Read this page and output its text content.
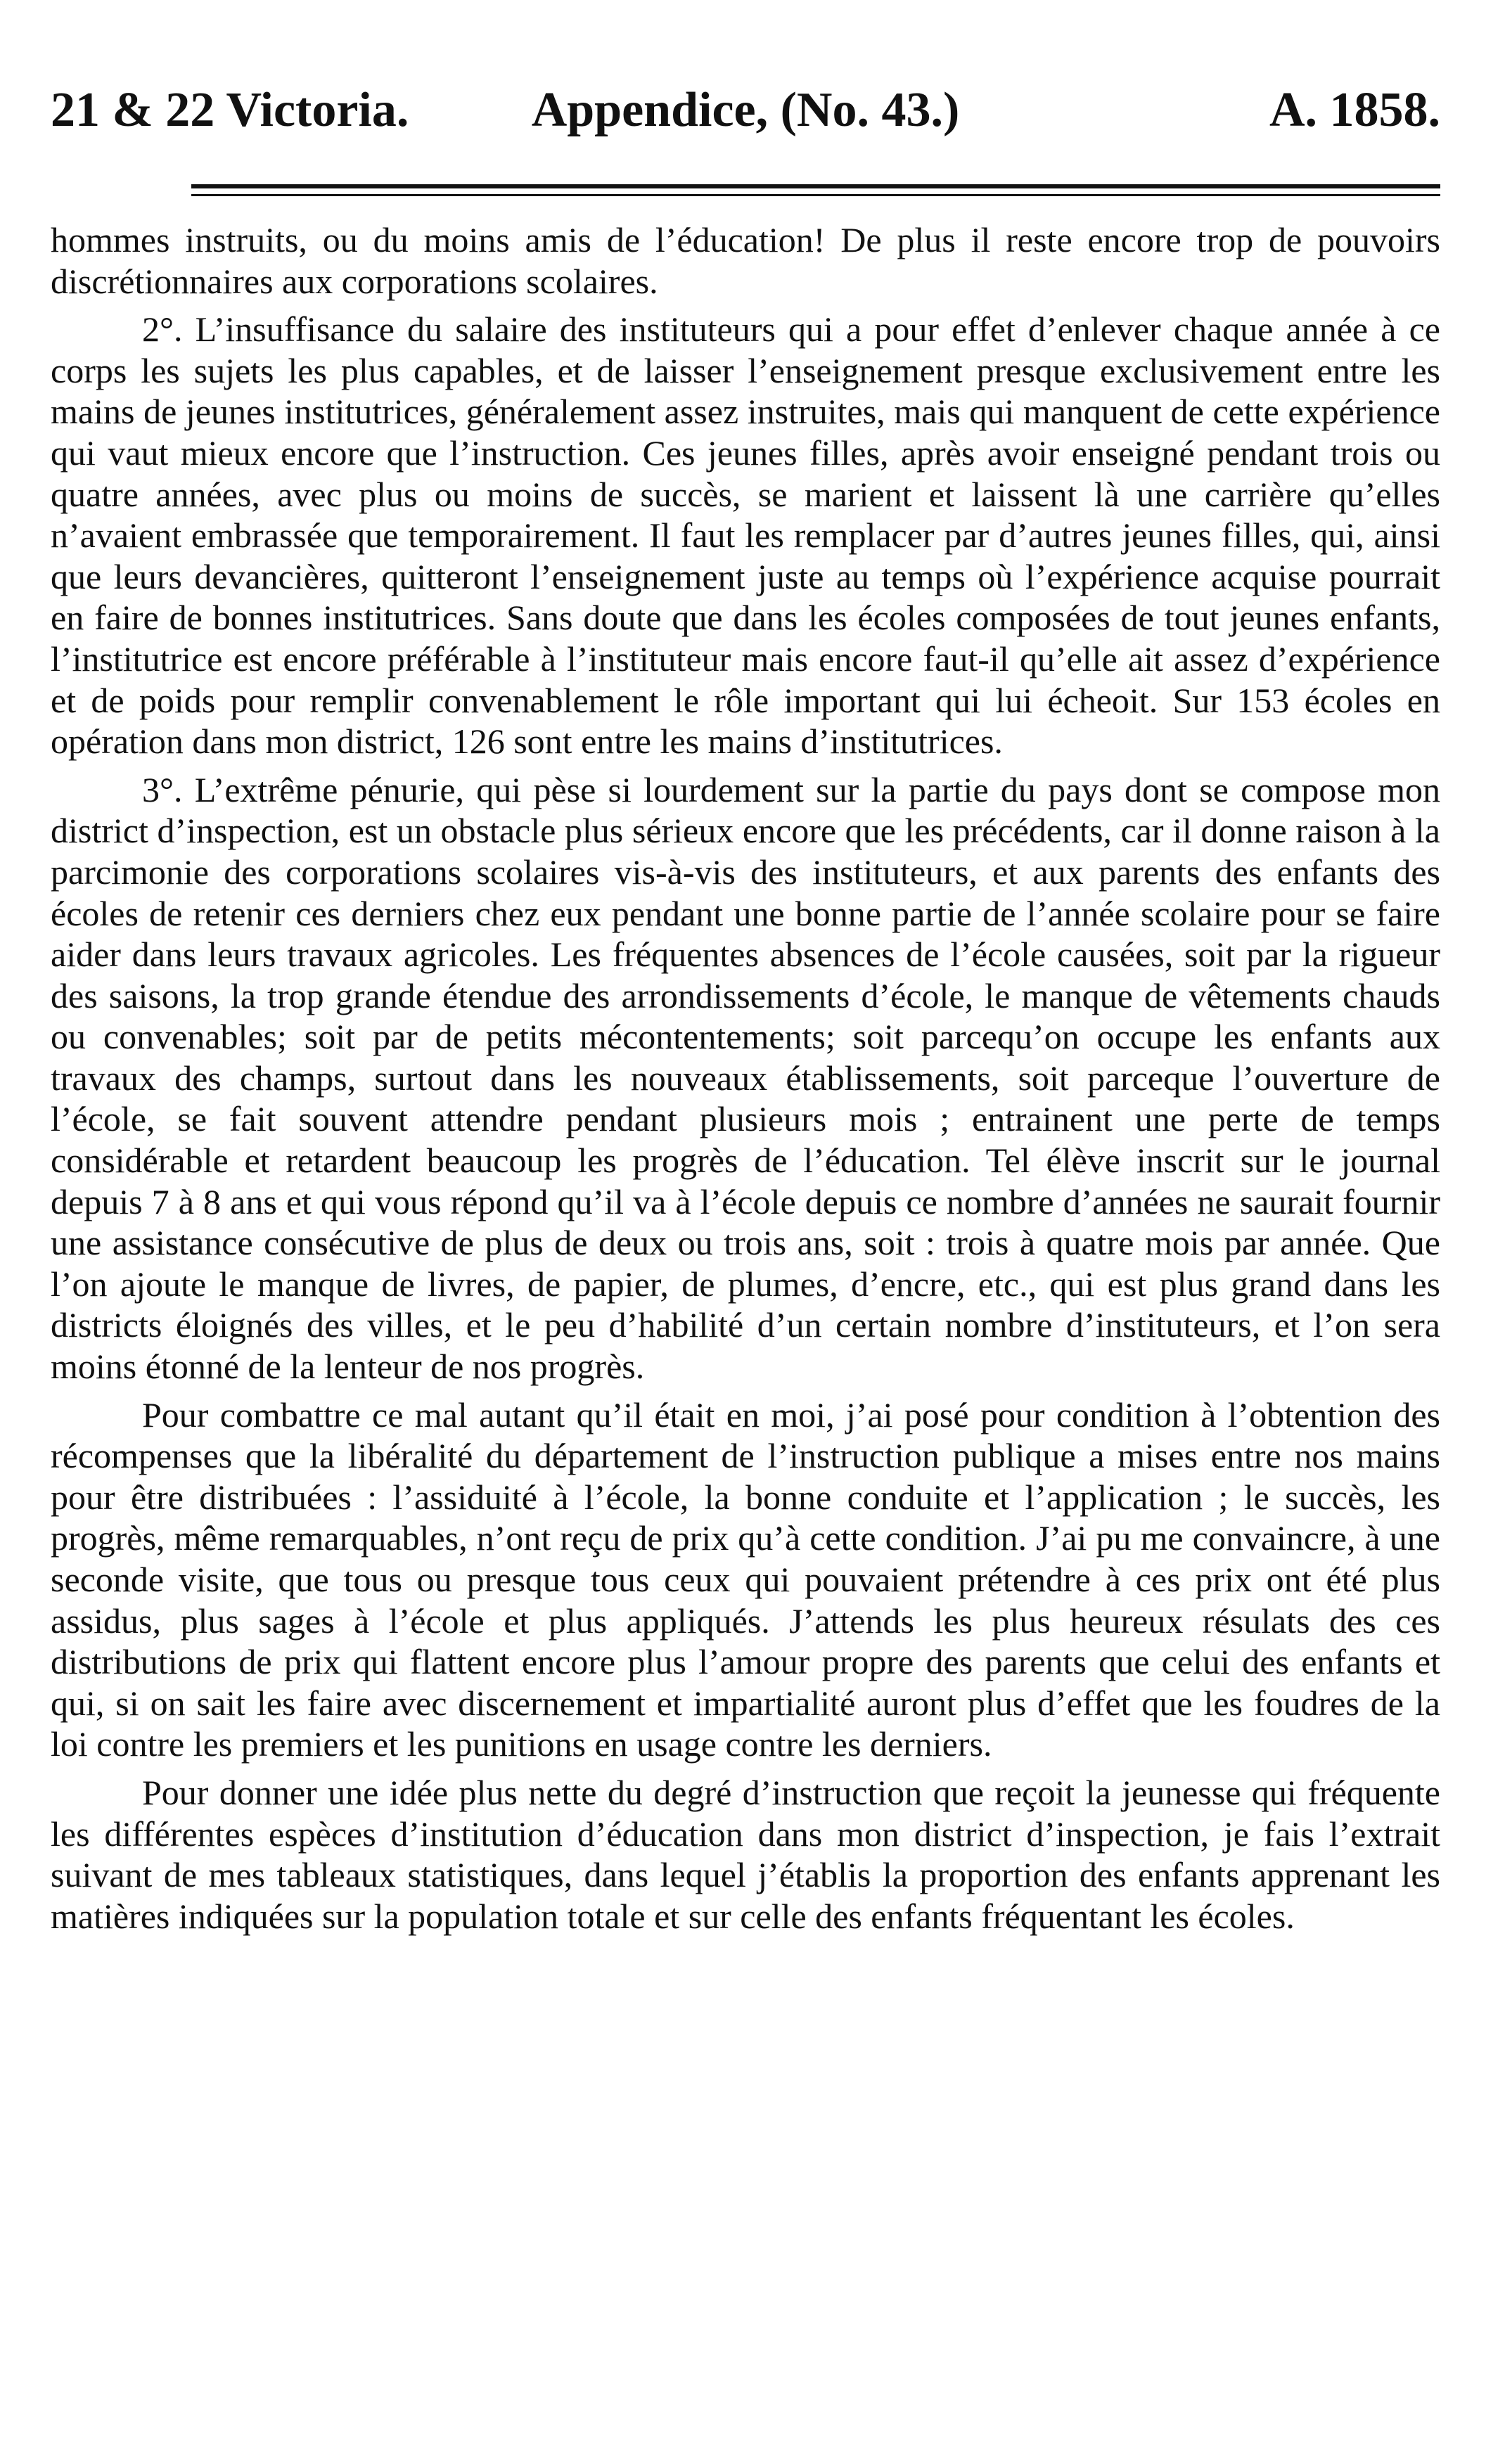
21 & 22 Victoria. Appendice, (No. 43.)	A. 1858.

hommes instruits, ou du moins amis de l’éducation! De plus il reste encore trop de pouvoirs discrétionnaires aux corporations scolaires.

2°. L’insuffisance du salaire des instituteurs qui a pour effet d’enlever chaque année à ce corps les sujets les plus capables, et de laisser l’enseignement presque exclusivement entre les mains de jeunes institutrices, généralement assez instruites, mais qui manquent de cette expérience qui vaut mieux encore que l’instruction. Ces jeunes filles, après avoir enseigné pendant trois ou quatre années, avec plus ou moins de succès, se marient et laissent là une carrière qu’elles n’avaient embrassée que temporairement. Il faut les remplacer par d’autres jeunes filles, qui, ainsi que leurs devancières, quitteront l’enseignement juste au temps où l’expérience acquise pourrait en faire de bonnes institutrices. Sans doute que dans les écoles composées de tout jeunes enfants, l’institutrice est encore préférable à l’instituteur mais encore faut-il qu’elle ait assez d’expérience et de poids pour remplir convenablement le rôle important qui lui écheoit. Sur 153 écoles en opération dans mon district, 126 sont entre les mains d’institutrices.

3°. L’extrême pénurie, qui pèse si lourdement sur la partie du pays dont se compose mon district d’inspection, est un obstacle plus sérieux encore que les précédents, car il donne raison à la parcimonie des corporations scolaires vis-à-vis des instituteurs, et aux parents des enfants des écoles de retenir ces derniers chez eux pendant une bonne partie de l’année scolaire pour se faire aider dans leurs travaux agricoles. Les fréquentes absences de l’école causées, soit par la rigueur des saisons, la trop grande étendue des arrondissements d’école, le manque de vêtements chauds ou convenables; soit par de petits mécontentements; soit parcequ’on occupe les enfants aux travaux des champs, surtout dans les nouveaux établissements, soit parceque l’ouverture de l’école, se fait souvent attendre pendant plusieurs mois ; entrainent une perte de temps considérable et retardent beaucoup les progrès de l’éducation. Tel élève inscrit sur le journal depuis 7 à 8 ans et qui vous répond qu’il va à l’école depuis ce nombre d’années ne saurait fournir une assistance consécutive de plus de deux ou trois ans, soit : trois à quatre mois par année. Que l’on ajoute le manque de livres, de papier, de plumes, d’encre, etc., qui est plus grand dans les districts éloignés des villes, et le peu d’habilité d’un certain nombre d’instituteurs, et l’on sera moins étonné de la lenteur de nos progrès.

Pour combattre ce mal autant qu’il était en moi, j’ai posé pour condition à l’obtention des récompenses que la libéralité du département de l’instruction publique a mises entre nos mains pour être distribuées : l’assiduité à l’école, la bonne conduite et l’application ; le succès, les progrès, même remarquables, n’ont reçu de prix qu’à cette condition. J’ai pu me convaincre, à une seconde visite, que tous ou presque tous ceux qui pouvaient prétendre à ces prix ont été plus assidus, plus sages à l’école et plus appliqués. J’attends les plus heureux résulats des ces distributions de prix qui flattent encore plus l’amour propre des parents que celui des enfants et qui, si on sait les faire avec discernement et impartialité auront plus d’effet que les foudres de la loi contre les premiers et les punitions en usage contre les derniers.

Pour donner une idée plus nette du degré d’instruction que reçoit la jeunesse qui fréquente les différentes espèces d’institution d’éducation dans mon district d’inspection, je fais l’extrait suivant de mes tableaux statistiques, dans lequel j’établis la proportion des enfants apprenant les matières indiquées sur la population totale et sur celle des enfants fréquentant les écoles.
